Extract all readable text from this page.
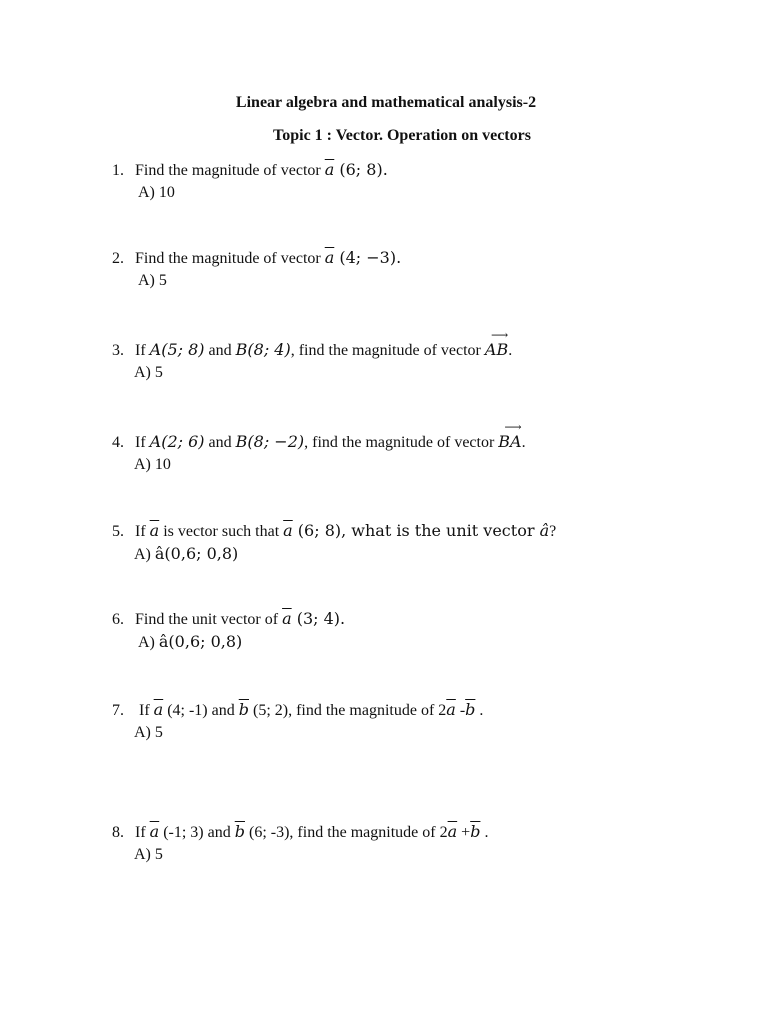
Linear algebra and mathematical analysis-2
Topic 1 : Vector. Operation on vectors
1. Find the magnitude of vector $\overline{a}$ (6; 8).
A) 10
2. Find the magnitude of vector $\overline{a}$ (4; −3).
A) 5
3. If A(5; 8) and B(8; 4), find the magnitude of vector
⟶
AB.
A) 5
4. If A(2; 6) and B(8; −2), find the magnitude of vector
⟶
BA.
A) 10
5. If $\overline{a}$ is vector such that $\overline{a}$ (6; 8), what is the unit vector â?
A) â(0,6; 0,8)
6. Find the unit vector of $\overline{a}$ (3; 4).
A) â(0,6; 0,8)
7. If $\overline{a}$ (4; -1) and $\overline{b}$ (5; 2), find the magnitude of $2\overline{a}$ $-\overline{b}$ .
A) 5
8. If $\overline{a}$ (-1; 3) and $\overline{b}$ (6; -3), find the magnitude of $2\overline{a} +\overline{b}$ .
A) 5
